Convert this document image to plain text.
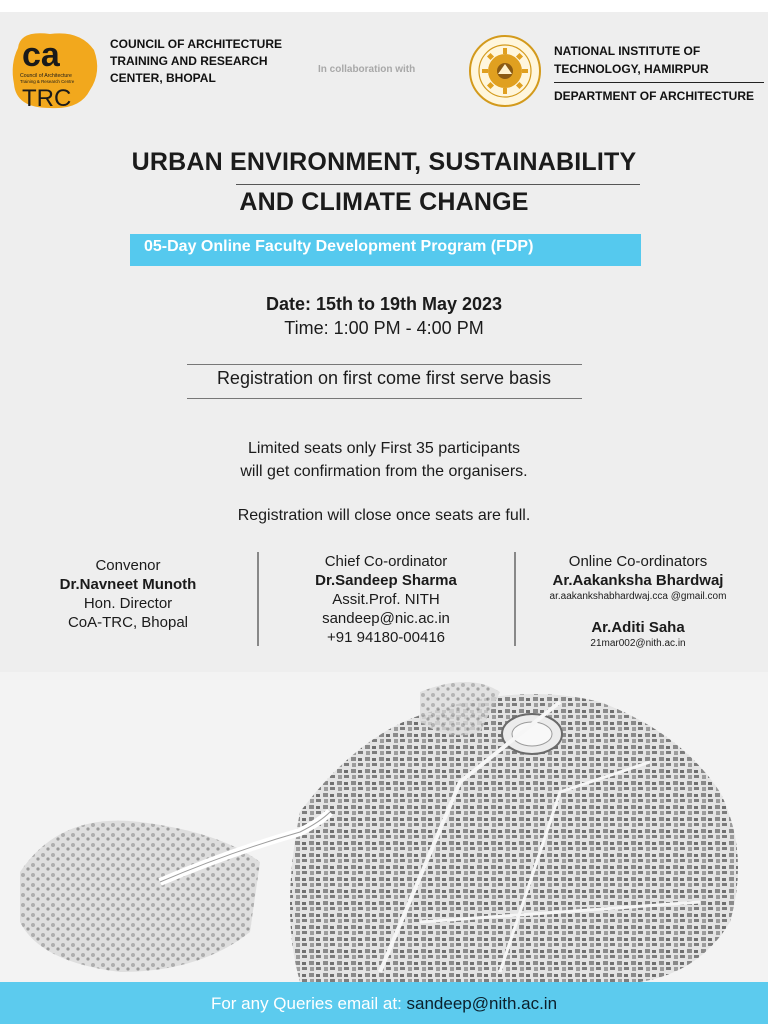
ca
Council of Architecture
Training & Research Centre
TRC
COUNCIL OF ARCHITECTURE
TRAINING AND RESEARCH
CENTER, BHOPAL
In collaboration with
NATIONAL INSTITUTE OF
TECHNOLOGY, HAMIRPUR
DEPARTMENT OF ARCHITECTURE
URBAN ENVIRONMENT, SUSTAINABILITY
AND CLIMATE CHANGE
05-Day Online Faculty Development Program (FDP)
Date: 15th to 19th May 2023
Time: 1:00 PM - 4:00 PM
Registration on first come first serve basis
Limited seats only First 35 participants
will get confirmation from the organisers.
Registration will close once seats are full.
Convenor
Dr.Navneet Munoth
Hon. Director
CoA-TRC, Bhopal
Chief Co-ordinator
Dr.Sandeep Sharma
Assit.Prof. NITH
sandeep@nic.ac.in
+91 94180-00416
Online Co-ordinators
Ar.Aakanksha Bhardwaj
ar.aakankshabhardwaj.cca @gmail.com
Ar.Aditi Saha
21mar002@nith.ac.in
For any Queries email at: sandeep@nith.ac.in
